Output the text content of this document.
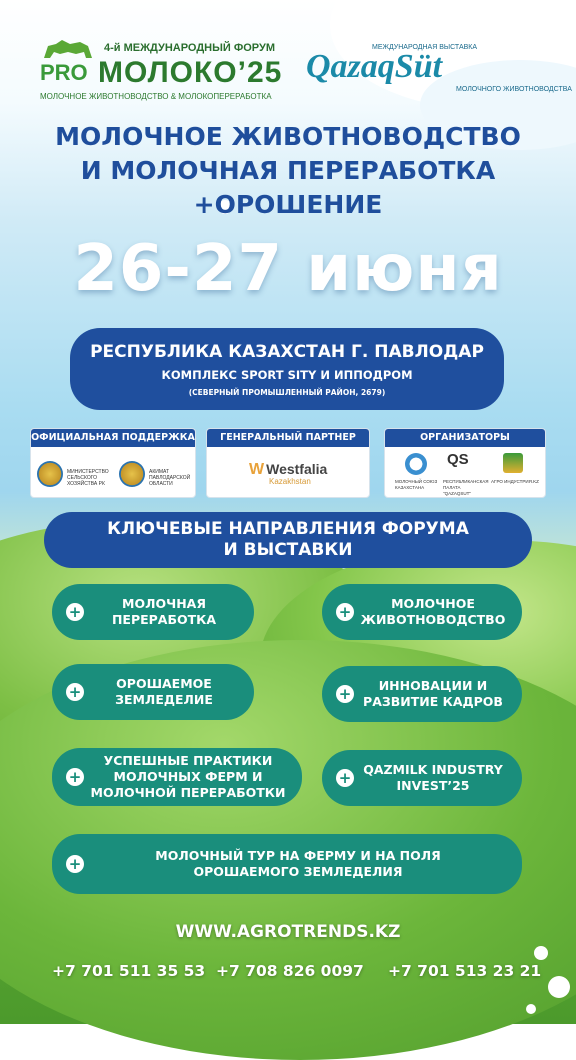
4-й МЕЖДУНАРОДНЫЙ ФОРУМ
PRO МОЛОКО’25
МОЛОЧНОЕ ЖИВОТНОВОДСТВО & МОЛОКОПЕРЕРАБОТКА
МЕЖДУНАРОДНАЯ ВЫСТАВКА
QazaqSüt
МОЛОЧНОГО ЖИВОТНОВОДСТВА
МОЛОЧНОЕ ЖИВОТНОВОДСТВО
И МОЛОЧНАЯ ПЕРЕРАБОТКА
+ОРОШЕНИЕ
26-27 июня
РЕСПУБЛИКА КАЗАХСТАН Г. ПАВЛОДАР
КОМПЛЕКС SPORT SITY И ИППОДРОМ
(СЕВЕРНЫЙ ПРОМЫШЛЕННЫЙ РАЙОН, 2679)
ОФИЦИАЛЬНАЯ ПОДДЕРЖКА
МИНИСТЕРСТВО СЕЛЬСКОГО ХОЗЯЙСТВА РК
АКИМАТ ПАВЛОДАРСКОЙ ОБЛАСТИ
ГЕНЕРАЛЬНЫЙ ПАРТНЕР
W Westfalia
Kazakhstan
ОРГАНИЗАТОРЫ
МОЛОЧНЫЙ СОЮЗ КАЗАХСТАНА
QS
РЕСПУБЛИКАНСКАЯ ПАЛАТА "QAZAQSUT"
АГРО ИНДУСТРИЯ.KZ
КЛЮЧЕВЫЕ НАПРАВЛЕНИЯ ФОРУМА
И ВЫСТАВКИ
+	МОЛОЧНАЯ
ПЕРЕРАБОТКА	+	МОЛОЧНОЕ
ЖИВОТНОВОДСТВО
+	ОРОШАЕМОЕ
ЗЕМЛЕДЕЛИЕ	+	ИННОВАЦИИ И
РАЗВИТИЕ КАДРОВ
+
УСПЕШНЫЕ ПРАКТИКИ
МОЛОЧНЫХ ФЕРМ И
МОЛОЧНОЙ ПЕРЕРАБОТКИ
+ QAZMILK INDUSTRY
INVEST’25
+	МОЛОЧНЫЙ ТУР НА ФЕРМУ И НА ПОЛЯ
ОРОШАЕМОГО ЗЕМЛЕДЕЛИЯ
WWW.AGROTRENDS.KZ
+7 701 511 35 53 +7 708 826 0097 +7 701 513 23 21
